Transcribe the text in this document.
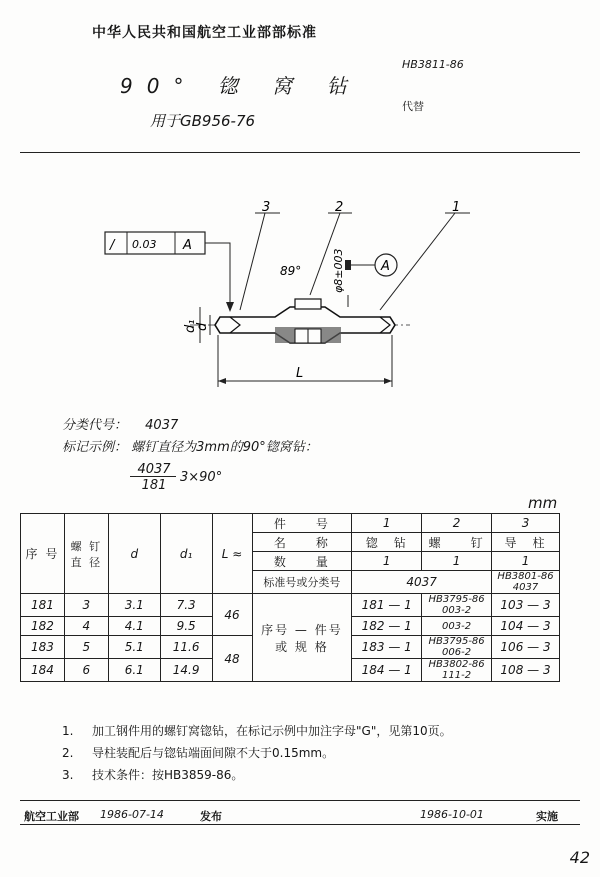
中华人民共和国航空工业部部标准
HB3811-86
90° 锪 窝 钻
用于GB956-76
代替
/ 0.03 A
3	2	1
89°	φ8±003	A
d₁
d
L
分类代号： 4037
标记示例： 螺钉直径为3mm的90°锪窝钻：
4037
181
3×90°
mm
序 号	螺 钉 直 径	d	d₁	L ≈	件　　号	1	2	3
					名　　称	锪　钻	螺　　钉	导　柱
					数　　量	1	1	1
					标准号或分类号	4037		HB3801-86 4037
181	3	3.1	7.3	46	序号 — 件号 或 规 格	181 — 1	HB3795-86 003-2	103 — 3
182	4	4.1	9.5			182 — 1	003-2	104 — 3
183	5	5.1	11.6	48		183 — 1	HB3795-86 006-2	106 — 3
184	6	6.1	14.9			184 — 1	HB3802-86 111-2	108 — 3
1. 加工钢件用的螺钉窝锪钻，在标记示例中加注字母"G"，见第10页。
2. 导柱装配后与锪钻端面间隙不大于0.15mm。
3. 技术条件：按HB3859-86。
航空工业部 1986-07-14	发布	1986-10-01	实施
42
